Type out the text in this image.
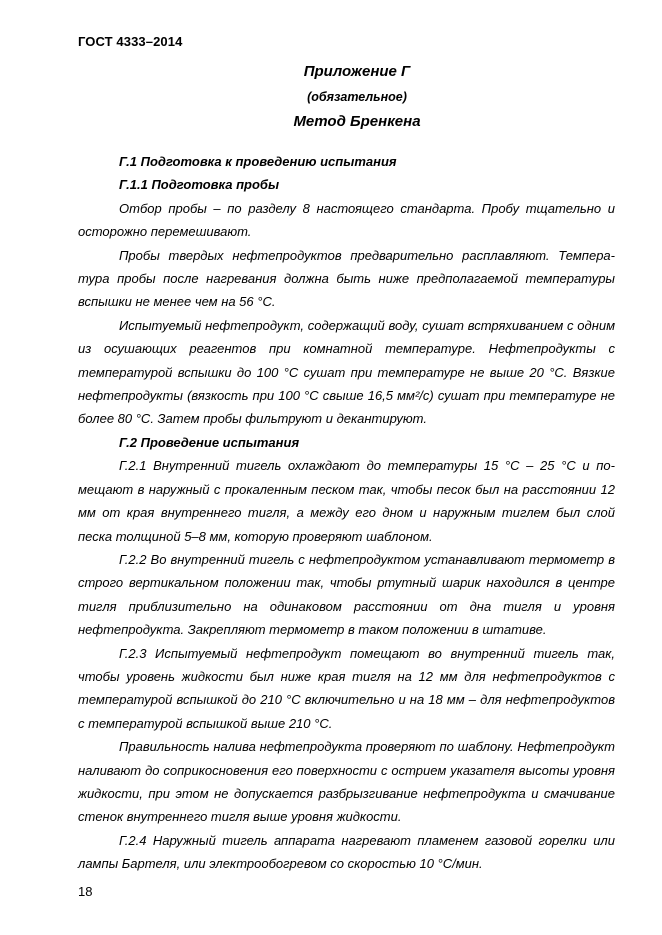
ГОСТ 4333–2014
Приложение Г
(обязательное)
Метод Бренкена

Г.1 Подготовка к проведению испытания

Г.1.1 Подготовка пробы

Отбор пробы – по разделу 8 настоящего стандарта. Пробу тщательно и осторожно перемешивают.

Пробы твердых нефтепродуктов предварительно расплавляют. Температура пробы после нагревания должна быть ниже предполагаемой температуры вспышки не менее чем на 56 °С.

Испытуемый нефтепродукт, содержащий воду, сушат встряхиванием с одним из осушающих реагентов при комнатной температуре. Нефтепродукты с температурой вспышки до 100 °С сушат при температуре не выше 20 °С. Вязкие нефтепродукты (вязкость при 100 °С свыше 16,5 мм²/с) сушат при температуре не более 80 °С. Затем пробы фильтруют и декантируют.

Г.2 Проведение испытания

Г.2.1 Внутренний тигель охлаждают до температуры 15 °С – 25 °С и помещают в наружный с прокаленным песком так, чтобы песок был на расстоянии 12 мм от края внутреннего тигля, а между его дном и наружным тиглем был слой песка толщиной 5–8 мм, которую проверяют шаблоном.

Г.2.2 Во внутренний тигель с нефтепродуктом устанавливают термометр в строго вертикальном положении так, чтобы ртутный шарик находился в центре тигля приблизительно на одинаковом расстоянии от дна тигля и уровня нефтепродукта. Закрепляют термометр в таком положении в штативе.

Г.2.3 Испытуемый нефтепродукт помещают во внутренний тигель так, чтобы уровень жидкости был ниже края тигля на 12 мм для нефтепродуктов с температурой вспышкой до 210 °С включительно и на 18 мм – для нефтепродуктов с температурой вспышкой выше 210 °С.

Правильность налива нефтепродукта проверяют по шаблону. Нефтепродукт наливают до соприкосновения его поверхности с острием указателя высоты уровня жидкости, при этом не допускается разбрызгивание нефтепродукта и смачивание стенок внутреннего тигля выше уровня жидкости.

Г.2.4 Наружный тигель аппарата нагревают пламенем газовой горелки или лампы Бартеля, или электрообогревом со скоростью 10 °С/мин.

18
